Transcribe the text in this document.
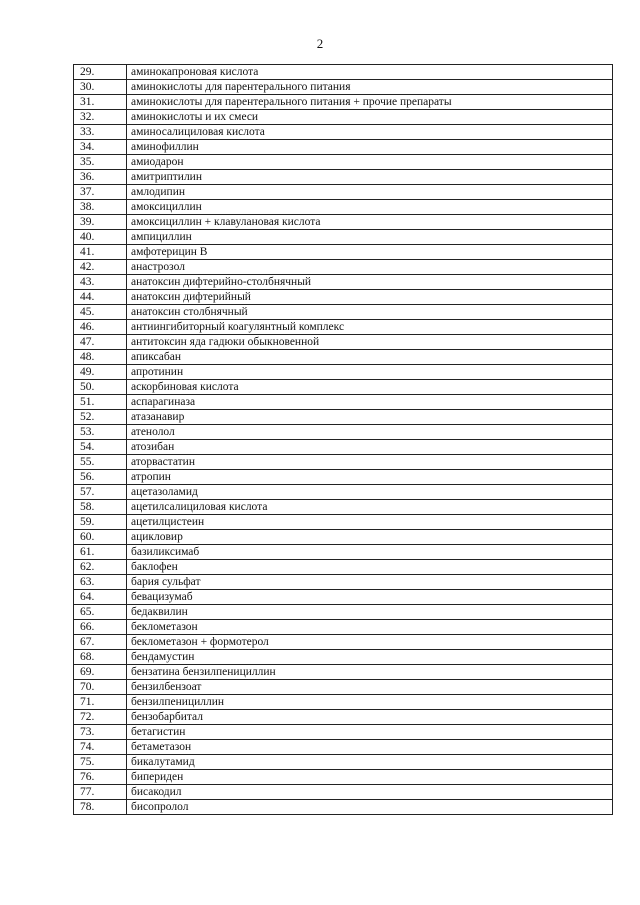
2
29.	аминокапроновая кислота
30.	аминокислоты для парентерального питания
31.	аминокислоты для парентерального питания + прочие препараты
32.	аминокислоты и их смеси
33.	аминосалициловая кислота
34.	аминофиллин
35.	амиодарон
36.	амитриптилин
37.	амлодипин
38.	амоксициллин
39.	амоксициллин + клавулановая кислота
40.	ампициллин
41.	амфотерицин В
42.	анастрозол
43.	анатоксин дифтерийно-столбнячный
44.	анатоксин дифтерийный
45.	анатоксин столбнячный
46.	антиингибиторный коагулянтный комплекс
47.	антитоксин яда гадюки обыкновенной
48.	апиксабан
49.	апротинин
50.	аскорбиновая кислота
51.	аспарагиназа
52.	атазанавир
53.	атенолол
54.	атозибан
55.	аторвастатин
56.	атропин
57.	ацетазоламид
58.	ацетилсалициловая кислота
59.	ацетилцистеин
60.	ацикловир
61.	базиликсимаб
62.	баклофен
63.	бария сульфат
64.	бевацизумаб
65.	бедаквилин
66.	беклометазон
67.	беклометазон + формотерол
68.	бендамустин
69.	бензатина бензилпенициллин
70.	бензилбензоат
71.	бензилпенициллин
72.	бензобарбитал
73.	бетагистин
74.	бетаметазон
75.	бикалутамид
76.	бипериден
77.	бисакодил
78.	бисопролол
